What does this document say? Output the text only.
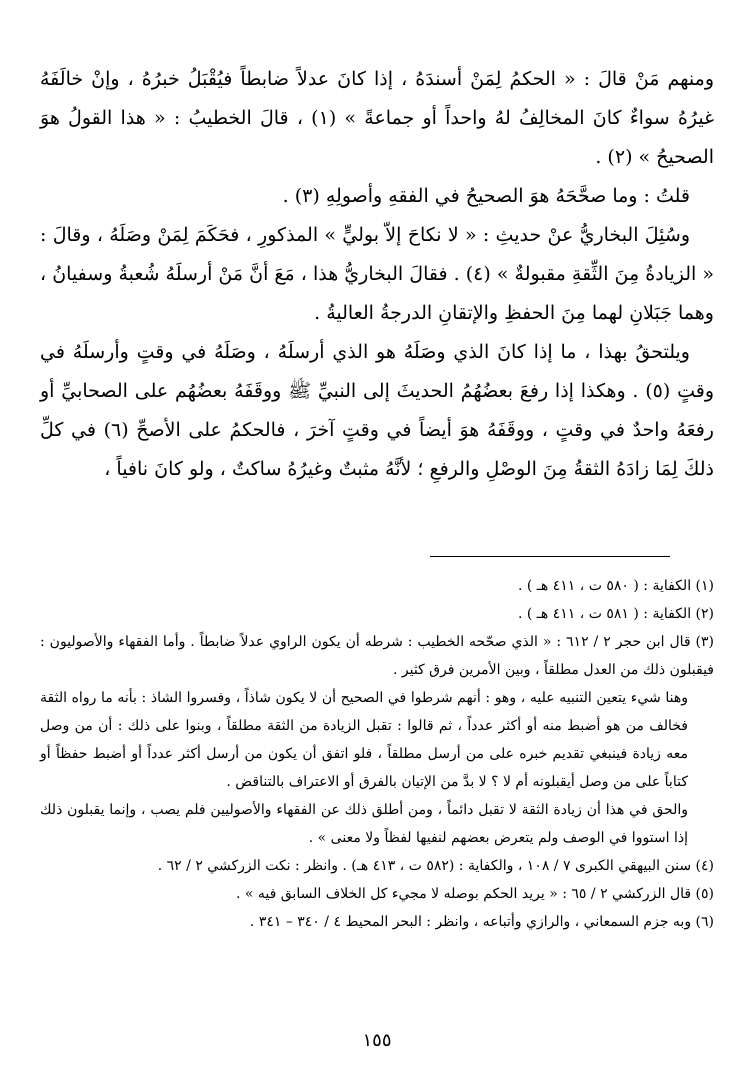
ومنهم مَنْ قالَ : « الحكمُ لِمَنْ أسندَهُ ، إذا كانَ عدلاً ضابطاً فيُقْبَلُ خبرُهُ ، وإنْ خالَفَهُ غيرُهُ سواءٌ كانَ المخالِفُ لهُ واحداً أو جماعةً » (١) ، قالَ الخطيبُ : « هذا القولُ هوَ الصحيحُ » (٢) .

قلتُ : وما صحَّحَهُ هوَ الصحيحُ في الفقهِ وأصولِهِ (٣) .

وسُئِلَ البخاريُّ عنْ حديثِ : « لا نكاحَ إلاّ بوليٍّ » المذكورِ ، فحَكَمَ لِمَنْ وصَلَهُ ، وقالَ : « الزيادةُ مِنَ الثِّقةِ مقبولةٌ » (٤) . فقالَ البخاريُّ هذا ، مَعَ أنَّ مَنْ أرسلَهُ شُعبةُ وسفيانُ ، وهما جَبَلانِ لهما مِنَ الحفظِ والإتقانِ الدرجةُ العاليةُ .

ويلتحقُ بهذا ، ما إذا كانَ الذي وصَلَهُ هو الذي أرسلَهُ ، وصَلَهُ في وقتٍ وأرسلَهُ في وقتٍ (٥) . وهكذا إذا رفعَ بعضُهُمُ الحديثَ إلى النبيِّ ﷺ ووقَفَهُ بعضُهُم على الصحابيِّ أو رفعَهُ واحدٌ في وقتٍ ، ووقَفَهُ هوَ أيضاً في وقتٍ آخرَ ، فالحكمُ على الأصحِّ (٦) في كلِّ ذلكَ لِمَا زادَهُ الثقةُ مِنَ الوصْلِ والرفعِ ؛ لأنَّهُ مثبتٌ وغيرُهُ ساكتٌ ، ولو كانَ نافياً ،

(١) الكفاية : ( ٥٨٠ ت ، ٤١١ هـ ) .

(٢) الكفاية : ( ٥٨١ ت ، ٤١١ هـ ) .

(٣) قال ابن حجر ٢ / ٦١٢ : « الذي صحّحه الخطيب : شرطه أن يكون الراوي عدلاً ضابطاً . وأما الفقهاء والأصوليون : فيقبلون ذلك من العدل مطلقاً ، وبين الأمرين فرق كثير .

وهنا شيء يتعين التنبيه عليه ، وهو : أنهم شرطوا في الصحيح أن لا يكون شاذاً ، وفسروا الشاذ : بأنه ما رواه الثقة فخالف من هو أضبط منه أو أكثر عدداً ، ثم قالوا : تقبل الزيادة من الثقة مطلقاً ، وبنوا على ذلك : أن من وصل معه زيادة فينبغي تقديم خبره على من أرسل مطلقاً ، فلو اتفق أن يكون من أرسل أكثر عدداً أو أضبط حفظاً أو كتاباً على من وصل أيقبلونه أم لا ؟ لا بدَّ من الإتيان بالفرق أو الاعتراف بالتناقض .

والحق في هذا أن زيادة الثقة لا تقبل دائماً ، ومن أطلق ذلك عن الفقهاء والأصوليين فلم يصب ، وإنما يقبلون ذلك إذا استووا في الوصف ولم يتعرض بعضهم لنفيها لفظاً ولا معنى » .

(٤) سنن البيهقي الكبرى ٧ / ١٠٨ ، والكفاية : (٥٨٢ ت ، ٤١٣ هـ) . وانظر : نكت الزركشي ٢ / ٦٢ .

(٥) قال الزركشي ٢ / ٦٥ : « يريد الحكم بوصله لا مجيء كل الخلاف السابق فيه » .

(٦) وبه جزم السمعاني ، والرازي وأتباعه ، وانظر : البحر المحيط ٤ / ٣٤٠ – ٣٤١ .

١٥٥
